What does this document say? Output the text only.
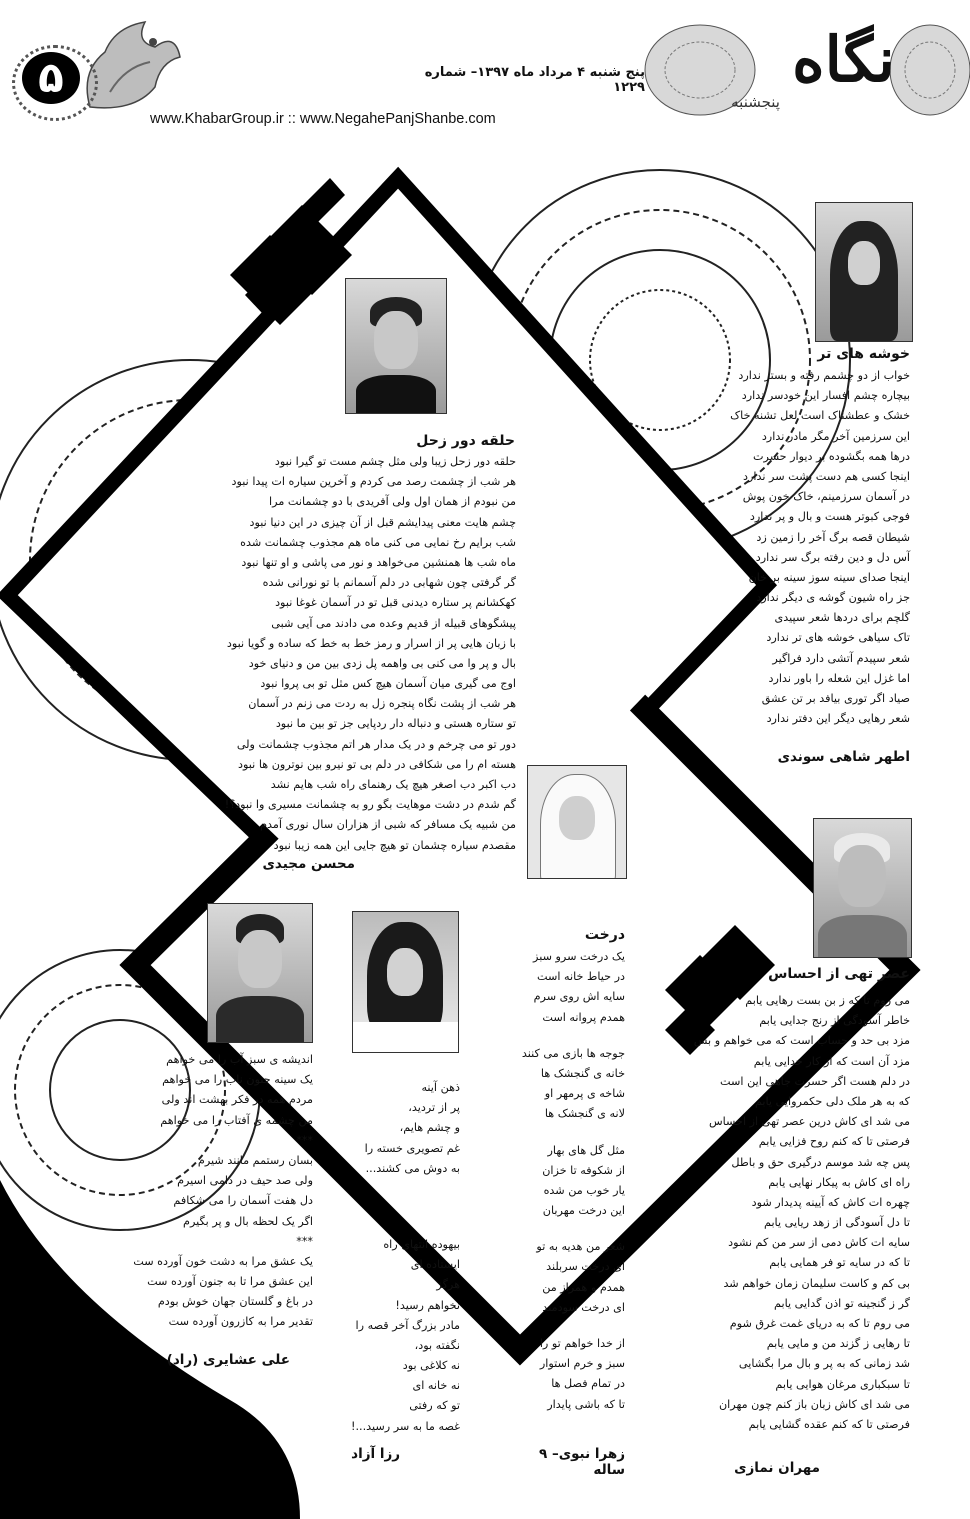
۵	پنج شنبه ۴ مرداد ماه ۱۳۹۷– شماره ۱۲۲۹
www.KhabarGroup.ir :: www.NegahePanjShanbe.com
نگاه
پنجشنبه
خوشه های تر
خواب از دو چشمم رفته و بستر ندارد
بیچاره چشم افسار این خودسر ندارد
خشک و عطشناک است لعل تشنه خاک
این سرزمین آخر مگر مادر ندارد
درها همه بگشوده بر دیوار حسرت
اینجا کسی هم دست پشت سر ندارد
در آسمان سرزمینم، خاک خون پوش
فوجی کبوتر هست و بال و پر ندارد
شیطان قصه برگ آخر را زمین زد
آس دل و دین رفته برگ سر ندارد
اینجا صدای سینه سوز سینه بر خان
جز راه شیون گوشه ی دیگر ندارد
گلچم برای دردها شعر سپیدی
تاک سیاهی خوشه های تر ندارد
شعر سپیدم آتشی دارد فراگیر
اما غزل این شعله را باور ندارد
صیاد اگر توری بیافد بر تن عشق
شعر رهایی دیگر این دفتر ندارد
اطهر شاهی سوندی
حلقه دور زحل
حلقه دور زحل زیبا ولی مثل چشم مست تو گیرا نبود
هر شب از چشمت رصد می کردم و آخرین سیاره ات پیدا نبود
من نبودم از همان اول ولی آفریدی با دو چشمانت مرا
چشم هایت معنی پیدایشم قبل از آن چیزی در این دنیا نبود
شب برایم رخ نمایی می کنی ماه هم مجذوب چشمانت شده
ماه شب ها همنشین می‌خواهد و نور می پاشی و او تنها نبود
گر گرفتی چون شهابی در دلم آسمانم با تو نورانی شده
کهکشانم پر ستاره دیدنی قبل تو در آسمان غوغا نبود
پیشگوهای قبیله از قدیم وعده می دادند می آیی شبی
با زبان هایی پر از اسرار و رمز خط به خط که ساده و گویا نبود
بال و پر وا می کنی بی واهمه پل زدی بین من و دنیای خود
اوج می گیری میان آسمان هیچ کس مثل تو بی پروا نبود
هر شب از پشت نگاه پنجره زل به ردت می زنم در آسمان
تو ستاره هستی و دنباله دار ردپایی جز تو بین ما نبود
دور تو می چرخم و در یک مدار هر اتم مجذوب چشمانت ولی
هسته ام را می شکافی در دلم بی تو نیرو بین نوترون ها نبود
دب اکبر دب اصغر هیچ یک رهنمای راه شب هایم نشد
گم شدم در دشت موهایت بگو رو به چشمانت مسیری وا نبود؟!
من شبیه یک مسافر که شبی از هزاران سال نوری آمدم
مقصدم سیاره چشمان تو هیچ جایی این همه زیبا نبود
محسن مجیدی
درخت
یک درخت سرو سبز
در حیاط خانه است
سایه اش روی سرم
همدم پروانه است
جوجه ها بازی می کنند
خانه ی گنجشک ها
شاخه ی پرمهر او
لانه ی گنجشک ها
مثل گل های بهار
از شکوفه تا خزان
یار خوب من شده
این درخت مهربان
شعر من هدیه به تو
ای درخت سربلند
همدم و همراز من
ای درخت سودمند
از خدا خواهم تو را
سبز و خرم استوار
در تمام فصل ها
تا که باشی پایدار
زهرا نبوی– ۹ ساله
ذهن آینه
پر از تردید،
و چشم هایم،
غم تصویری خسته را
به دوش می کشند...
بیهوده انتهای راه
ایستاده ای
هرگز
نخواهم رسید!
مادر بزرگ آخر قصه را
نگفته بود،
نه کلاغی بود
نه خانه ای
تو که رفتی
غصه ما به سر رسید...!
رزا آزاد
اندیشه ی سبز آب را می خواهم
یک سینه جنون ناب را می خواهم
مردم همه در فکر بهشت اند ولی
من چشمه ی آفتاب را می خواهم
***
بسان رستمم مانند شیرم
ولی صد حیف در دامی اسیرم
دل هفت آسمان را می شکافم
اگر یک لحظه بال و پر بگیرم
***
یک عشق مرا به دشت خون آورده ست
این عشق مرا تا به جنون آورده ست
در باغ و گلستان جهان خوش بودم
تقدیر مرا به کازرون آورده ست
علی عشایری (راد)
عصر تهی از احساس
می روم تا که ز بن بست رهایی یابم
خاطر آسودگی از رنج جدایی یابم
مزد بی حد و حساب است که می خواهم و بس
مزد آن است که از کار خدایی یابم
در دلم هست اگر حسرت جاهی این است
که به هر ملک دلی حکمروایی یابم
می شد ای کاش درین عصر تهی از احساس
فرصتی تا که کنم روح فزایی یابم
پس چه شد موسم درگیری حق و باطل
راه ای کاش به پیکار نهایی یابم
چهره ات کاش که آیینه پدیدار شود
تا دل آسودگی از زهد ریایی یابم
سایه ات کاش دمی از سر من کم نشود
تا که در سایه تو فر همایی یابم
بی کم و کاست سلیمان زمان خواهم شد
گر ز گنجینه تو اذن گدایی یابم
می روم تا که به دریای غمت غرق شوم
تا رهایی ز گزند من و مایی یابم
شد زمانی که به پر و بال مرا بگشایی
تا سبکباری مرغان هوایی یابم
می شد ای کاش زبان باز کنم چون مهران
فرصتی تا که کنم عقده گشایی یابم
مهران نمازی
